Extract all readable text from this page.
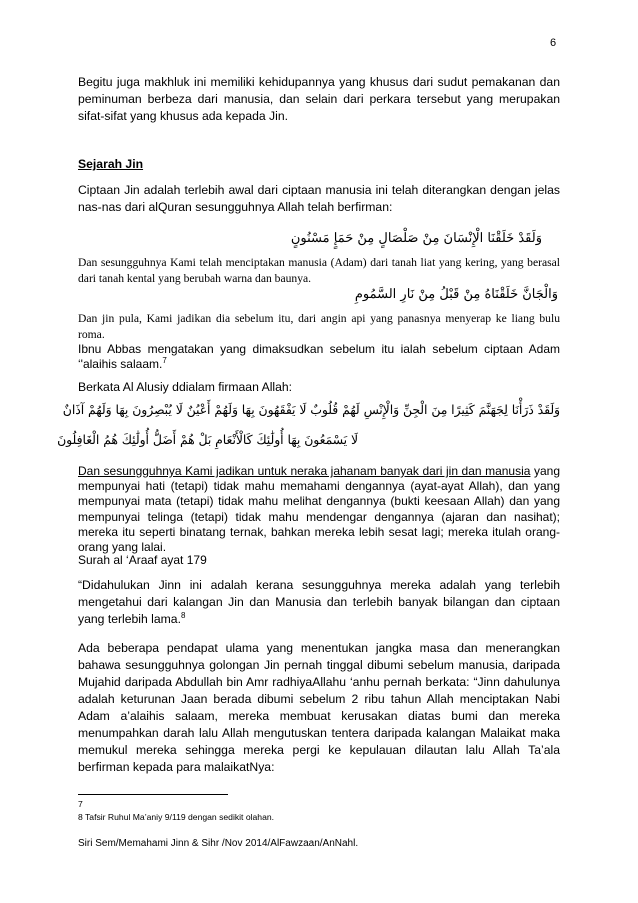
6

Begitu juga makhluk ini memiliki kehidupannya yang khusus dari sudut pemakanan dan peminuman berbeza dari manusia, dan selain dari perkara tersebut yang merupakan sifat-sifat yang khusus ada kepada Jin.

Sejarah Jin

Ciptaan Jin adalah terlebih awal dari ciptaan manusia ini telah diterangkan dengan jelas nas-nas dari alQuran sesungguhnya Allah telah berfirman:

وَلَقَدْ خَلَقْنَا الْإِنْسَانَ مِنْ صَلْصَالٍ مِنْ حَمَإٍ مَسْنُونٍ

Dan sesungguhnya Kami telah menciptakan manusia (Adam) dari tanah liat yang kering, yang berasal dari tanah kental yang berubah warna dan baunya.

وَالْجَانَّ خَلَقْنَاهُ مِنْ قَبْلُ مِنْ نَارِ السَّمُومِ

Dan jin pula, Kami jadikan dia sebelum itu, dari angin api yang panasnya menyerap ke liang bulu roma.

Ibnu Abbas mengatakan yang dimaksudkan sebelum itu ialah sebelum ciptaan Adam ‘'alaihis salaam.$^7$

Berkata Al Alusiy ddialam firmaan Allah:

وَلَقَدْ ذَرَأْنَا لِجَهَنَّمَ كَثِيرًا مِنَ الْجِنِّ وَالْإِنْسِ لَهُمْ قُلُوبٌ لَا يَفْقَهُونَ بِهَا وَلَهُمْ أَعْيُنٌ لَا يُبْصِرُونَ بِهَا وَلَهُمْ آذَانٌ
لَا يَسْمَعُونَ بِهَا أُولَٰئِكَ كَالْأَنْعَامِ بَلْ هُمْ أَضَلُّ أُولَٰئِكَ هُمُ الْغَافِلُونَ

Dan sesungguhnya Kami jadikan untuk neraka jahanam banyak dari jin dan manusia yang mempunyai hati (tetapi) tidak mahu memahami dengannya (ayat-ayat Allah), dan yang mempunyai mata (tetapi) tidak mahu melihat dengannya (bukti keesaan Allah) dan yang mempunyai telinga (tetapi) tidak mahu mendengar dengannya (ajaran dan nasihat); mereka itu seperti binatang ternak, bahkan mereka lebih sesat lagi; mereka itulah orang-orang yang lalai.

Surah al ‘Araaf ayat 179

“Didahulukan Jinn ini adalah kerana sesungguhnya mereka adalah yang terlebih mengetahui dari kalangan Jin dan Manusia dan terlebih banyak bilangan dan ciptaan yang terlebih lama.$^8$

Ada beberapa pendapat ulama yang menentukan jangka masa dan menerangkan bahawa sesungguhnya golongan Jin pernah tinggal dibumi sebelum manusia, daripada Mujahid daripada Abdullah bin Amr radhiyaAllahu ‘anhu pernah berkata: “Jinn dahulunya adalah keturunan Jaan berada dibumi sebelum 2 ribu tahun Allah menciptakan Nabi Adam a’alaihis salaam, mereka membuat kerusakan diatas bumi dan mereka menumpahkan darah lalu Allah mengutuskan tentera daripada kalangan Malaikat maka memukul mereka sehingga mereka pergi ke kepulauan dilautan lalu Allah Ta’ala berfirman kepada para malaikatNya:

7
8 Tafsir Ruhul Ma’aniy 9/119 dengan sedikit olahan.
Siri Sem/Memahami Jinn & Sihr /Nov 2014/AlFawzaan/AnNahl.
